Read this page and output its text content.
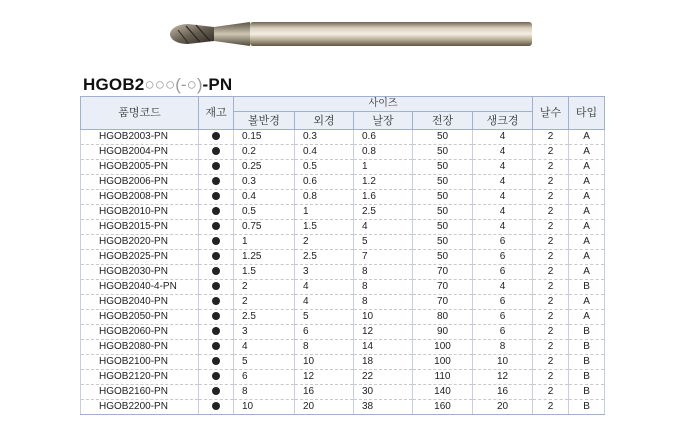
HGOB2○○○(-○)-PN
품명코드	재고	사이즈					날수	타입
		볼반경	외경	날장	전장	생크경		
HGOB2003-PN		0.15	0.3	0.6	50	4	2	A
HGOB2004-PN		0.2	0.4	0.8	50	4	2	A
HGOB2005-PN		0.25	0.5	1	50	4	2	A
HGOB2006-PN		0.3	0.6	1.2	50	4	2	A
HGOB2008-PN		0.4	0.8	1.6	50	4	2	A
HGOB2010-PN		0.5	1	2.5	50	4	2	A
HGOB2015-PN		0.75	1.5	4	50	4	2	A
HGOB2020-PN		1	2	5	50	6	2	A
HGOB2025-PN		1.25	2.5	7	50	6	2	A
HGOB2030-PN		1.5	3	8	70	6	2	A
HGOB2040-4-PN		2	4	8	70	4	2	B
HGOB2040-PN		2	4	8	70	6	2	A
HGOB2050-PN		2.5	5	10	80	6	2	A
HGOB2060-PN		3	6	12	90	6	2	B
HGOB2080-PN		4	8	14	100	8	2	B
HGOB2100-PN		5	10	18	100	10	2	B
HGOB2120-PN		6	12	22	110	12	2	B
HGOB2160-PN		8	16	30	140	16	2	B
HGOB2200-PN		10	20	38	160	20	2	B
